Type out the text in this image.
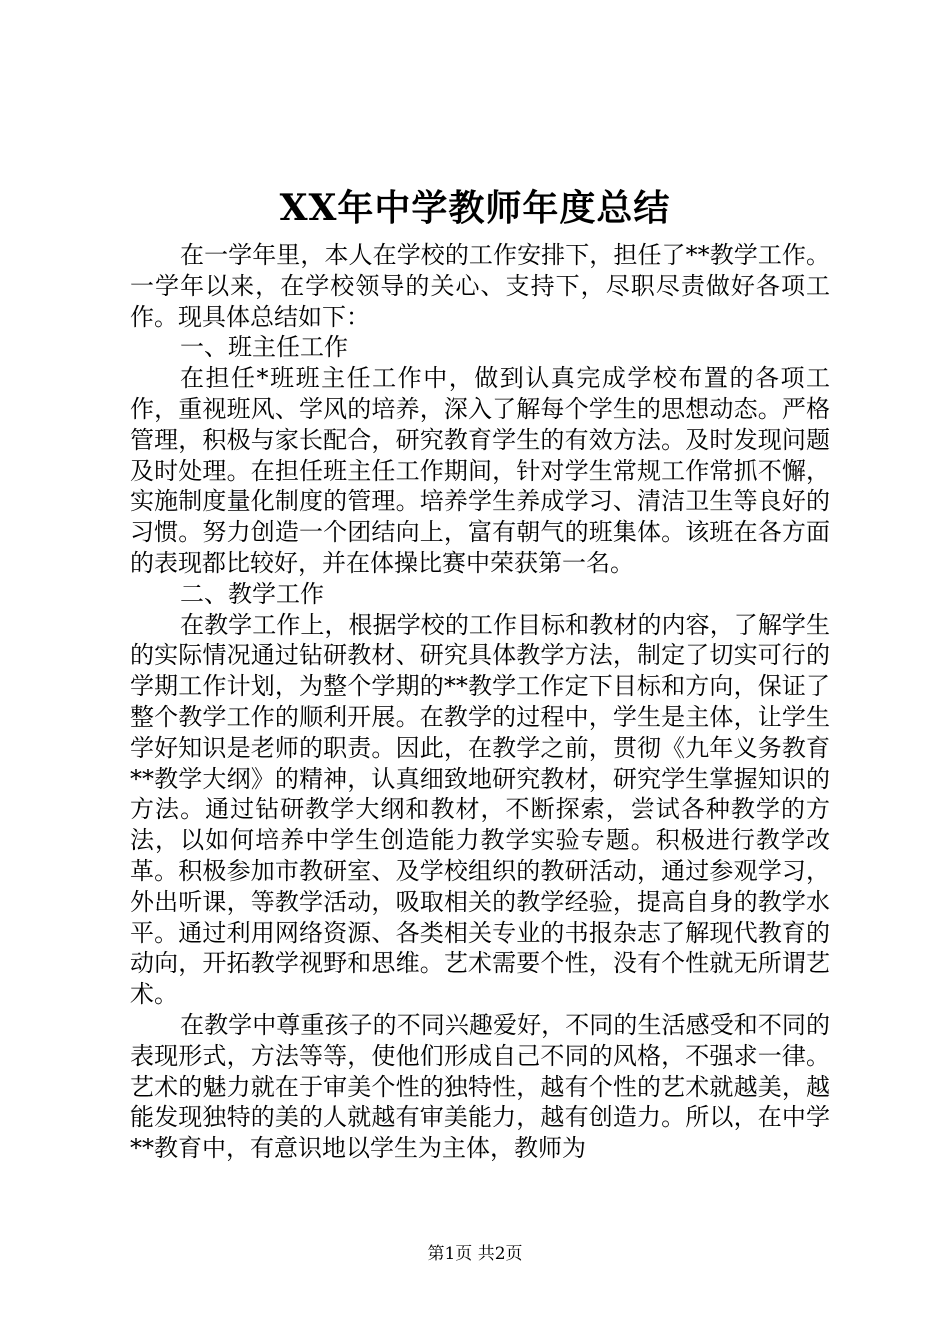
XX年中学教师年度总结

在一学年里，本人在学校的工作安排下，担任了**教学工作。一学年以来，在学校领导的关心、支持下，尽职尽责做好各项工作。现具体总结如下：

一、班主任工作

在担任*班班主任工作中，做到认真完成学校布置的各项工作，重视班风、学风的培养，深入了解每个学生的思想动态。严格管理，积极与家长配合，研究教育学生的有效方法。及时发现问题及时处理。在担任班主任工作期间，针对学生常规工作常抓不懈，实施制度量化制度的管理。培养学生养成学习、清洁卫生等良好的习惯。努力创造一个团结向上，富有朝气的班集体。该班在各方面的表现都比较好，并在体操比赛中荣获第一名。

二、教学工作

在教学工作上，根据学校的工作目标和教材的内容，了解学生的实际情况通过钻研教材、研究具体教学方法，制定了切实可行的学期工作计划，为整个学期的**教学工作定下目标和方向，保证了整个教学工作的顺利开展。在教学的过程中，学生是主体，让学生学好知识是老师的职责。因此，在教学之前，贯彻《九年义务教育**教学大纲》的精神，认真细致地研究教材，研究学生掌握知识的方法。通过钻研教学大纲和教材，不断探索，尝试各种教学的方法，以如何培养中学生创造能力教学实验专题。积极进行教学改革。积极参加市教研室、及学校组织的教研活动，通过参观学习，外出听课，等教学活动，吸取相关的教学经验，提高自身的教学水平。通过利用网络资源、各类相关专业的书报杂志了解现代教育的动向，开拓教学视野和思维。艺术需要个性，没有个性就无所谓艺术。

在教学中尊重孩子的不同兴趣爱好，不同的生活感受和不同的表现形式，方法等等，使他们形成自己不同的风格，不强求一律。艺术的魅力就在于审美个性的独特性，越有个性的艺术就越美，越能发现独特的美的人就越有审美能力，越有创造力。所以，在中学**教育中，有意识地以学生为主体，教师为

第1页 共2页
